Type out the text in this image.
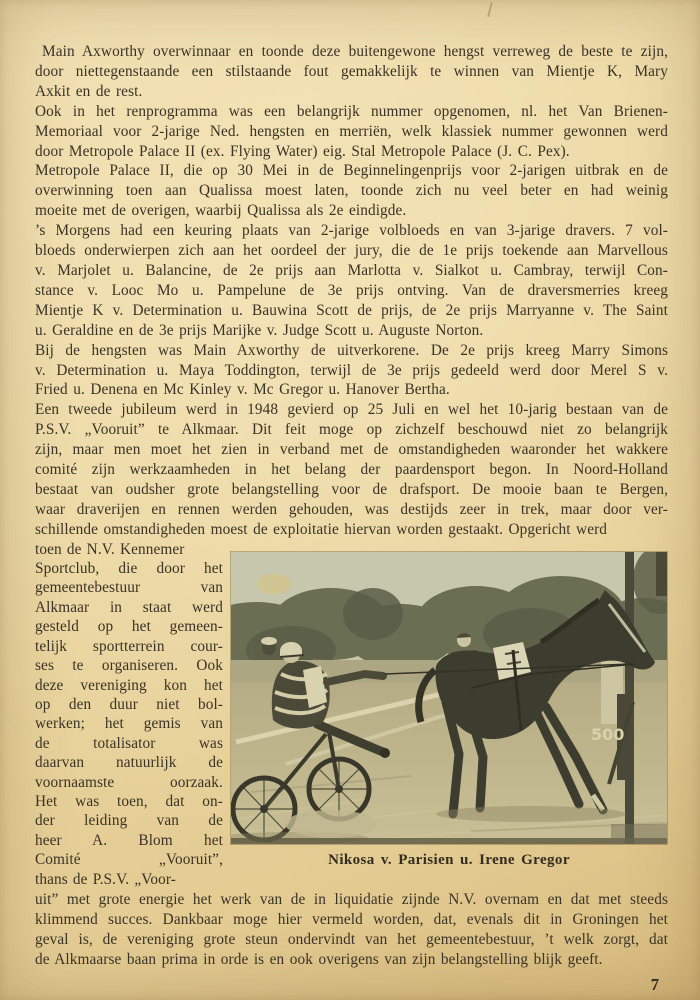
Main Axworthy overwinnaar en toonde deze buitengewone hengst verreweg de beste te zijn,
door niettegenstaande een stilstaande fout gemakkelijk te winnen van Mientje K, Mary
Axkit en de rest.
Ook in het renprogramma was een belangrijk nummer opgenomen, nl. het Van Brienen-
Memoriaal voor 2-jarige Ned. hengsten en merriën, welk klassiek nummer gewonnen werd
door Metropole Palace II (ex. Flying Water) eig. Stal Metropole Palace (J. C. Pex).
Metropole Palace II, die op 30 Mei in de Beginnelingenprijs voor 2-jarigen uitbrak en de
overwinning toen aan Qualissa moest laten, toonde zich nu veel beter en had weinig
moeite met de overigen, waarbij Qualissa als 2e eindigde.
’s Morgens had een keuring plaats van 2-jarige volbloeds en van 3-jarige dravers. 7 vol-
bloeds onderwierpen zich aan het oordeel der jury, die de 1e prijs toekende aan Marvellous
v. Marjolet u. Balancine, de 2e prijs aan Marlotta v. Sialkot u. Cambray, terwijl Con-
stance v. Looc Mo u. Pampelune de 3e prijs ontving. Van de draversmerries kreeg
Mientje K v. Determination u. Bauwina Scott de prijs, de 2e prijs Marryanne v. The Saint
u. Geraldine en de 3e prijs Marijke v. Judge Scott u. Auguste Norton.
Bij de hengsten was Main Axworthy de uitverkorene. De 2e prijs kreeg Marry Simons
v. Determination u. Maya Toddington, terwijl de 3e prijs gedeeld werd door Merel S v.
Fried u. Denena en Mc Kinley v. Mc Gregor u. Hanover Bertha.
Een tweede jubileum werd in 1948 gevierd op 25 Juli en wel het 10-jarig bestaan van de
P.S.V. „Vooruit” te Alkmaar. Dit feit moge op zichzelf beschouwd niet zo belangrijk
zijn, maar men moet het zien in verband met de omstandigheden waaronder het wakkere
comité zijn werkzaamheden in het belang der paardensport begon. In Noord-Holland
bestaat van oudsher grote belangstelling voor de drafsport. De mooie baan te Bergen,
waar draverijen en rennen werden gehouden, was destijds zeer in trek, maar door ver-
schillende omstandigheden moest de exploitatie hiervan worden gestaakt. Opgericht werd
toen de N.V. Kennemer
Sportclub, die door het
gemeentebestuur van
Alkmaar in staat werd
gesteld op het gemeen-
telijk sportterrein cour-
ses te organiseren. Ook
deze vereniging kon het
op den duur niet bol-
werken; het gemis van
de totalisator was
daarvan natuurlijk de
voornaamste oorzaak.
Het was toen, dat on-
der leiding van de
heer A. Blom het
Comité „Vooruit”,
thans de P.S.V. „Voor-
500
Nikosa v. Parisien u. Irene Gregor
uit” met grote energie het werk van de in liquidatie zijnde N.V. overnam en dat met steeds
klimmend succes. Dankbaar moge hier vermeld worden, dat, evenals dit in Groningen het
geval is, de vereniging grote steun ondervindt van het gemeentebestuur, ’t welk zorgt, dat
de Alkmaarse baan prima in orde is en ook overigens van zijn belangstelling blijk geeft.
7
